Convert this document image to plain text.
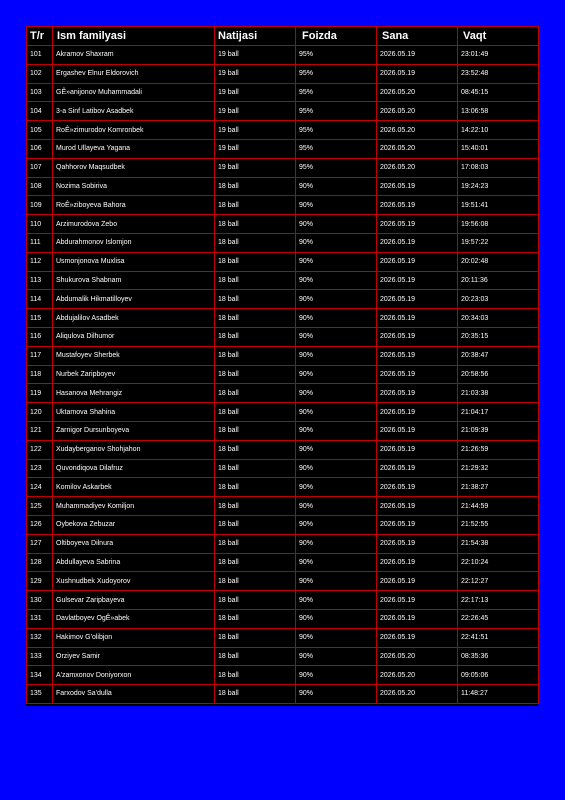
T/r	Ism familyasi	Natijasi	Foizda	Sana	Vaqt
101	Akramov Shaxram	19 ball	95%	2026.05.19	23:01:49
102	Ergashev Elnur Eldorovich	19 ball	95%	2026.05.19	23:52:48
103	GÊ»anijonov Muhammadali	19 ball	95%	2026.05.20	08:45:15
104	3-a Sinf Latibov Asadbek	19 ball	95%	2026.05.20	13:06:58
105	RoÊ»zimurodov Komronbek	19 ball	95%	2026.05.20	14:22:10
106	Murod Ullayeva Yagana	19 ball	95%	2026.05.20	15:40:01
107	Qahhorov Maqsudbek	19 ball	95%	2026.05.20	17:08:03
108	Nozima Sobiriva	18 ball	90%	2026.05.19	19:24:23
109	RoÊ»ziboyeva Bahora	18 ball	90%	2026.05.19	19:51:41
110	Arzimurodova Zebo	18 ball	90%	2026.05.19	19:56:08
111	Abdurahmonov Islomjon	18 ball	90%	2026.05.19	19:57:22
112	Usmonjonova Muxlisa	18 ball	90%	2026.05.19	20:02:48
113	Shukurova Shabnam	18 ball	90%	2026.05.19	20:11:36
114	Abdumalik Hikmatilloyev	18 ball	90%	2026.05.19	20:23:03
115	Abdujalilov Asadbek	18 ball	90%	2026.05.19	20:34:03
116	Aliqulova Dilhumor	18 ball	90%	2026.05.19	20:35:15
117	Mustafoyev Sherbek	18 ball	90%	2026.05.19	20:38:47
118	Nurbek Zaripboyev	18 ball	90%	2026.05.19	20:58:56
119	Hasanova Mehrangiz	18 ball	90%	2026.05.19	21:03:38
120	Uktamova Shahina	18 ball	90%	2026.05.19	21:04:17
121	Zarnigor Dursunboyeva	18 ball	90%	2026.05.19	21:09:39
122	Xudayberganov Shohjahon	18 ball	90%	2026.05.19	21:26:59
123	Quvondiqova Dilafruz	18 ball	90%	2026.05.19	21:29:32
124	Komilov Askarbek	18 ball	90%	2026.05.19	21:38:27
125	Muhammadiyev Komiljon	18 ball	90%	2026.05.19	21:44:59
126	Oybekova Zebuzar	18 ball	90%	2026.05.19	21:52:55
127	Oltiboyeva Dilnura	18 ball	90%	2026.05.19	21:54:38
128	Abdullayeva Sabrina	18 ball	90%	2026.05.19	22:10:24
129	Xushnudbek Xudoyorov	18 ball	90%	2026.05.19	22:12:27
130	Gulsevar Zaripbayeva	18 ball	90%	2026.05.19	22:17:13
131	Davlatboyev OgÊ»abek	18 ball	90%	2026.05.19	22:26:45
132	Hakimov G'olibjon	18 ball	90%	2026.05.19	22:41:51
133	Orziyev Samir	18 ball	90%	2026.05.20	08:35:36
134	A'zamxonov Doniyorxon	18 ball	90%	2026.05.20	09:05:06
135	Farxodov Sa'dulla	18 ball	90%	2026.05.20	11:48:27
